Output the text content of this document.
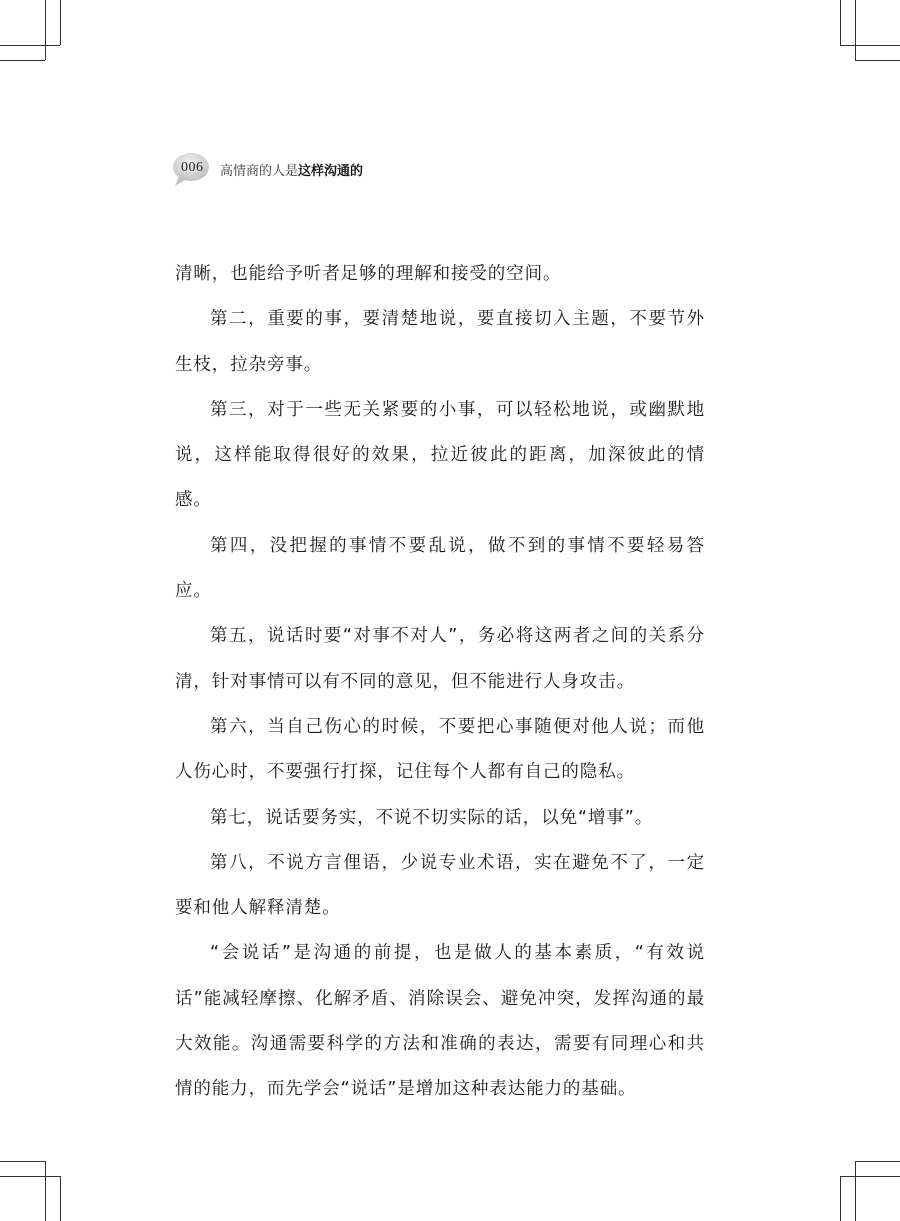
006 高情商的人是这样沟通的

清晰，也能给予听者足够的理解和接受的空间。

第二，重要的事，要清楚地说，要直接切入主题，不要节外生枝，拉杂旁事。

第三，对于一些无关紧要的小事，可以轻松地说，或幽默地说，这样能取得很好的效果，拉近彼此的距离，加深彼此的情感。

第四，没把握的事情不要乱说，做不到的事情不要轻易答应。

第五，说话时要“对事不对人”，务必将这两者之间的关系分清，针对事情可以有不同的意见，但不能进行人身攻击。

第六，当自己伤心的时候，不要把心事随便对他人说；而他人伤心时，不要强行打探，记住每个人都有自己的隐私。

第七，说话要务实，不说不切实际的话，以免“增事”。

第八，不说方言俚语，少说专业术语，实在避免不了，一定要和他人解释清楚。

“会说话”是沟通的前提，也是做人的基本素质，“有效说话”能减轻摩擦、化解矛盾、消除误会、避免冲突，发挥沟通的最大效能。沟通需要科学的方法和准确的表达，需要有同理心和共情的能力，而先学会“说话”是增加这种表达能力的基础。
